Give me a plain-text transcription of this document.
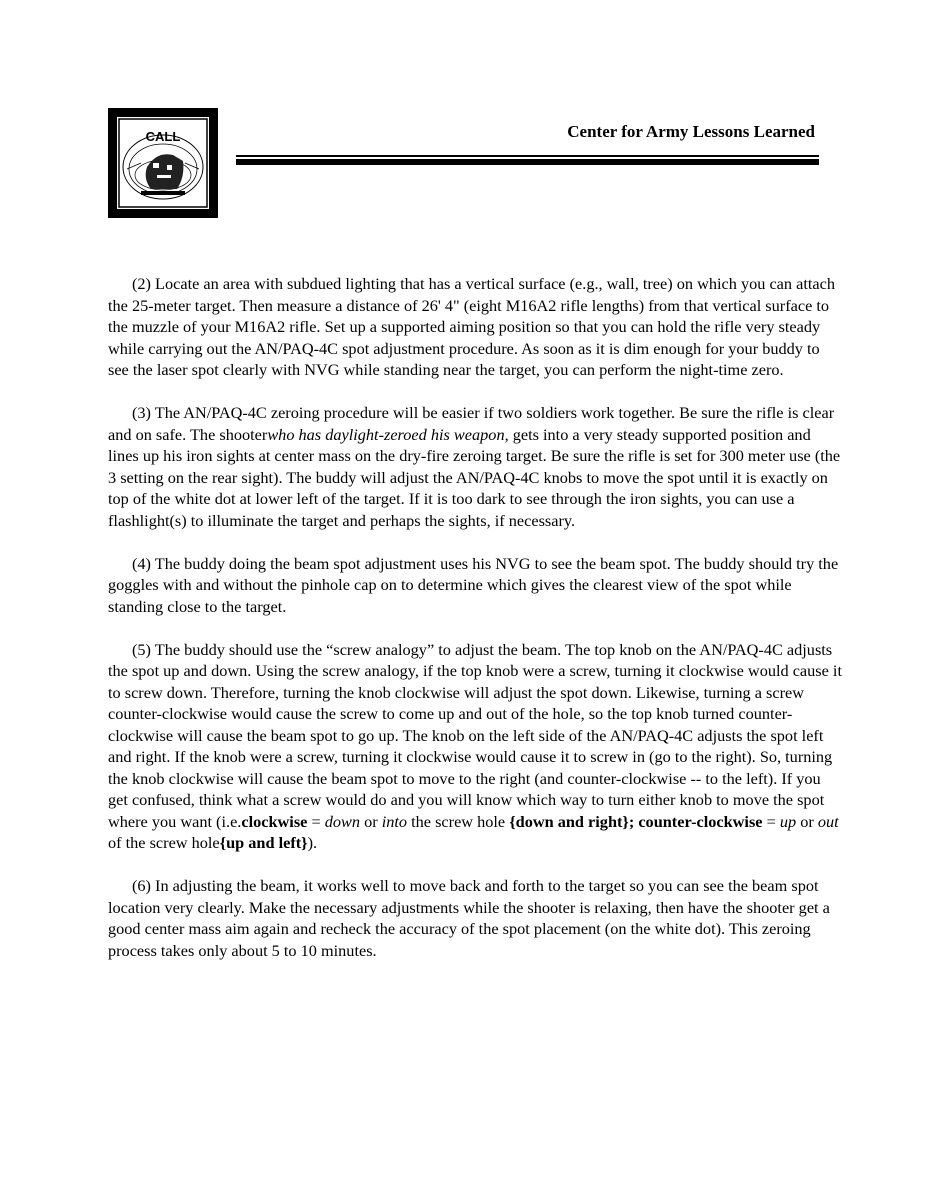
CALL	Center for Army Lessons Learned

(2) Locate an area with subdued lighting that has a vertical surface (e.g., wall, tree) on which you can attach the 25-meter target. Then measure a distance of 26' 4" (eight M16A2 rifle lengths) from that vertical surface to the muzzle of your M16A2 rifle. Set up a supported aiming position so that you can hold the rifle very steady while carrying out the AN/PAQ-4C spot adjustment procedure. As soon as it is dim enough for your buddy to see the laser spot clearly with NVG while standing near the target, you can perform the night-time zero.

(3) The AN/PAQ-4C zeroing procedure will be easier if two soldiers work together. Be sure the rifle is clear and on safe. The shooterwho has daylight-zeroed his weapon, gets into a very steady supported position and lines up his iron sights at center mass on the dry-fire zeroing target. Be sure the rifle is set for 300 meter use (the 3 setting on the rear sight). The buddy will adjust the AN/PAQ-4C knobs to move the spot until it is exactly on top of the white dot at lower left of the target. If it is too dark to see through the iron sights, you can use a flashlight(s) to illuminate the target and perhaps the sights, if necessary.

(4) The buddy doing the beam spot adjustment uses his NVG to see the beam spot. The buddy should try the goggles with and without the pinhole cap on to determine which gives the clearest view of the spot while standing close to the target.

(5) The buddy should use the “screw analogy” to adjust the beam. The top knob on the AN/PAQ-4C adjusts the spot up and down. Using the screw analogy, if the top knob were a screw, turning it clockwise would cause it to screw down. Therefore, turning the knob clockwise will adjust the spot down. Likewise, turning a screw counter-clockwise would cause the screw to come up and out of the hole, so the top knob turned counter-clockwise will cause the beam spot to go up. The knob on the left side of the AN/PAQ-4C adjusts the spot left and right. If the knob were a screw, turning it clockwise would cause it to screw in (go to the right). So, turning the knob clockwise will cause the beam spot to move to the right (and counter-clockwise -- to the left). If you get confused, think what a screw would do and you will know which way to turn either knob to move the spot where you want (i.e.clockwise = down or into the screw hole {down and right}; counter-clockwise = up or out of the screw hole{up and left}).

(6) In adjusting the beam, it works well to move back and forth to the target so you can see the beam spot location very clearly. Make the necessary adjustments while the shooter is relaxing, then have the shooter get a good center mass aim again and recheck the accuracy of the spot placement (on the white dot). This zeroing process takes only about 5 to 10 minutes.
